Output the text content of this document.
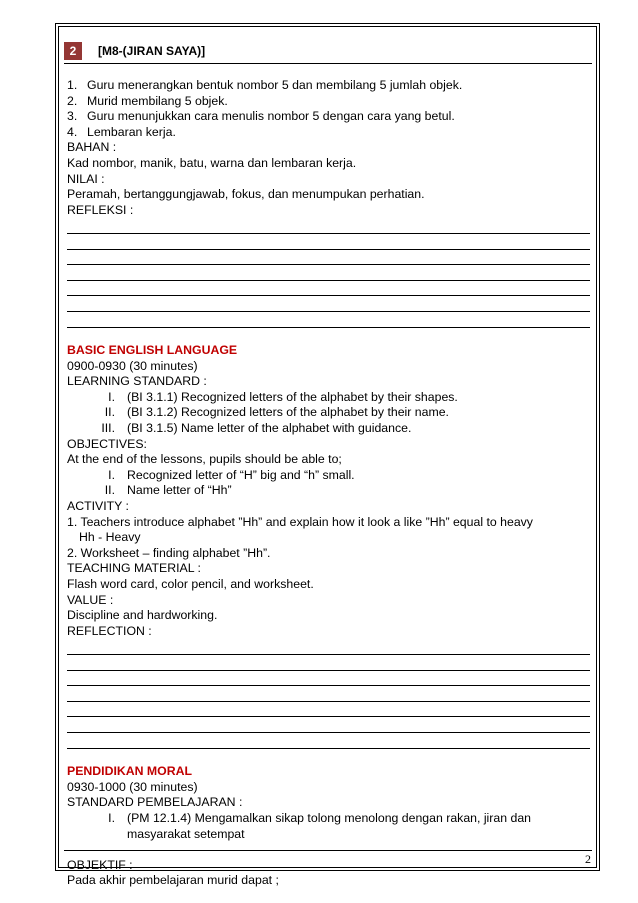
2	[M8-(JIRAN SAYA)]
1. Guru menerangkan bentuk nombor 5 dan membilang 5 jumlah objek.
2. Murid membilang 5 objek.
3. Guru menunjukkan cara menulis nombor 5 dengan cara yang betul.
4. Lembaran kerja.
BAHAN :
Kad nombor, manik, batu, warna dan lembaran kerja.
NILAI :
Peramah, bertanggungjawab, fokus, dan menumpukan perhatian.
REFLEKSI :
BASIC ENGLISH LANGUAGE
0900-0930 (30 minutes)
LEARNING STANDARD :
I. (BI 3.1.1) Recognized letters of the alphabet by their shapes.
II. (BI 3.1.2) Recognized letters of the alphabet by their name.
III. (BI 3.1.5) Name letter of the alphabet with guidance.
OBJECTIVES:
At the end of the lessons, pupils should be able to;
I. Recognized letter of “H” big and “h” small.
II. Name letter of “Hh”
ACTIVITY :
1. Teachers introduce alphabet ”Hh” and explain how it look a like ”Hh” equal to heavy
Hh - Heavy
2. Worksheet – finding alphabet ”Hh”.
TEACHING MATERIAL :
Flash word card, color pencil, and worksheet.
VALUE :
Discipline and hardworking.
REFLECTION :
PENDIDIKAN MORAL
0930-1000 (30 minutes)
STANDARD PEMBELAJARAN :
I. (PM 12.1.4) Mengamalkan sikap tolong menolong dengan rakan, jiran dan
masyarakat setempat
OBJEKTIF :
Pada akhir pembelajaran murid dapat ;
2
